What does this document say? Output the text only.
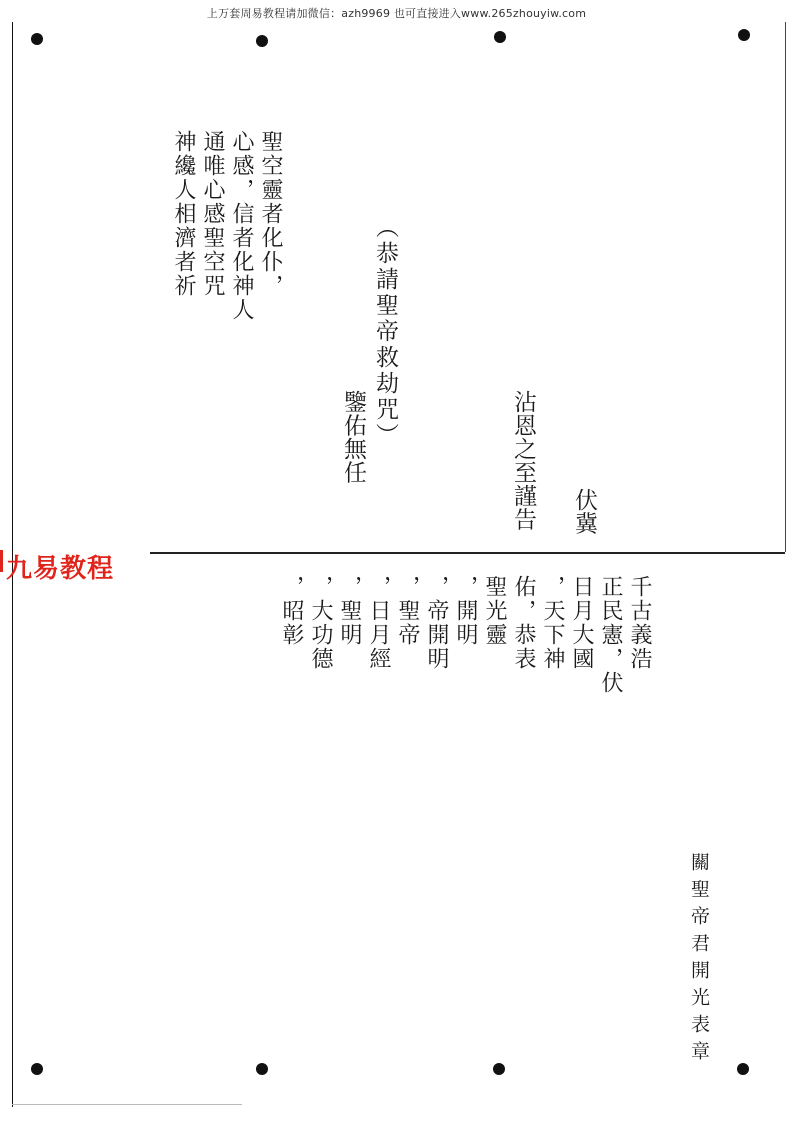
上万套周易教程请加微信：azh9969 也可直接进入www.265zhouyiw.com
神纔人相濟者祈 通唯心感聖空咒 心感，信者化神人 聖空靈者化仆，
（恭請聖帝救劫咒）
伏冀
鑒佑無任	沾恩之至謹告
關聖帝君開光表章
千古義浩
正民憲，伏
日月大國
，天下神
佑，恭表
聖光靈
，開明
，帝開明
，聖帝
，日月經
，聖明
，大功德
，昭彰
九易教程
